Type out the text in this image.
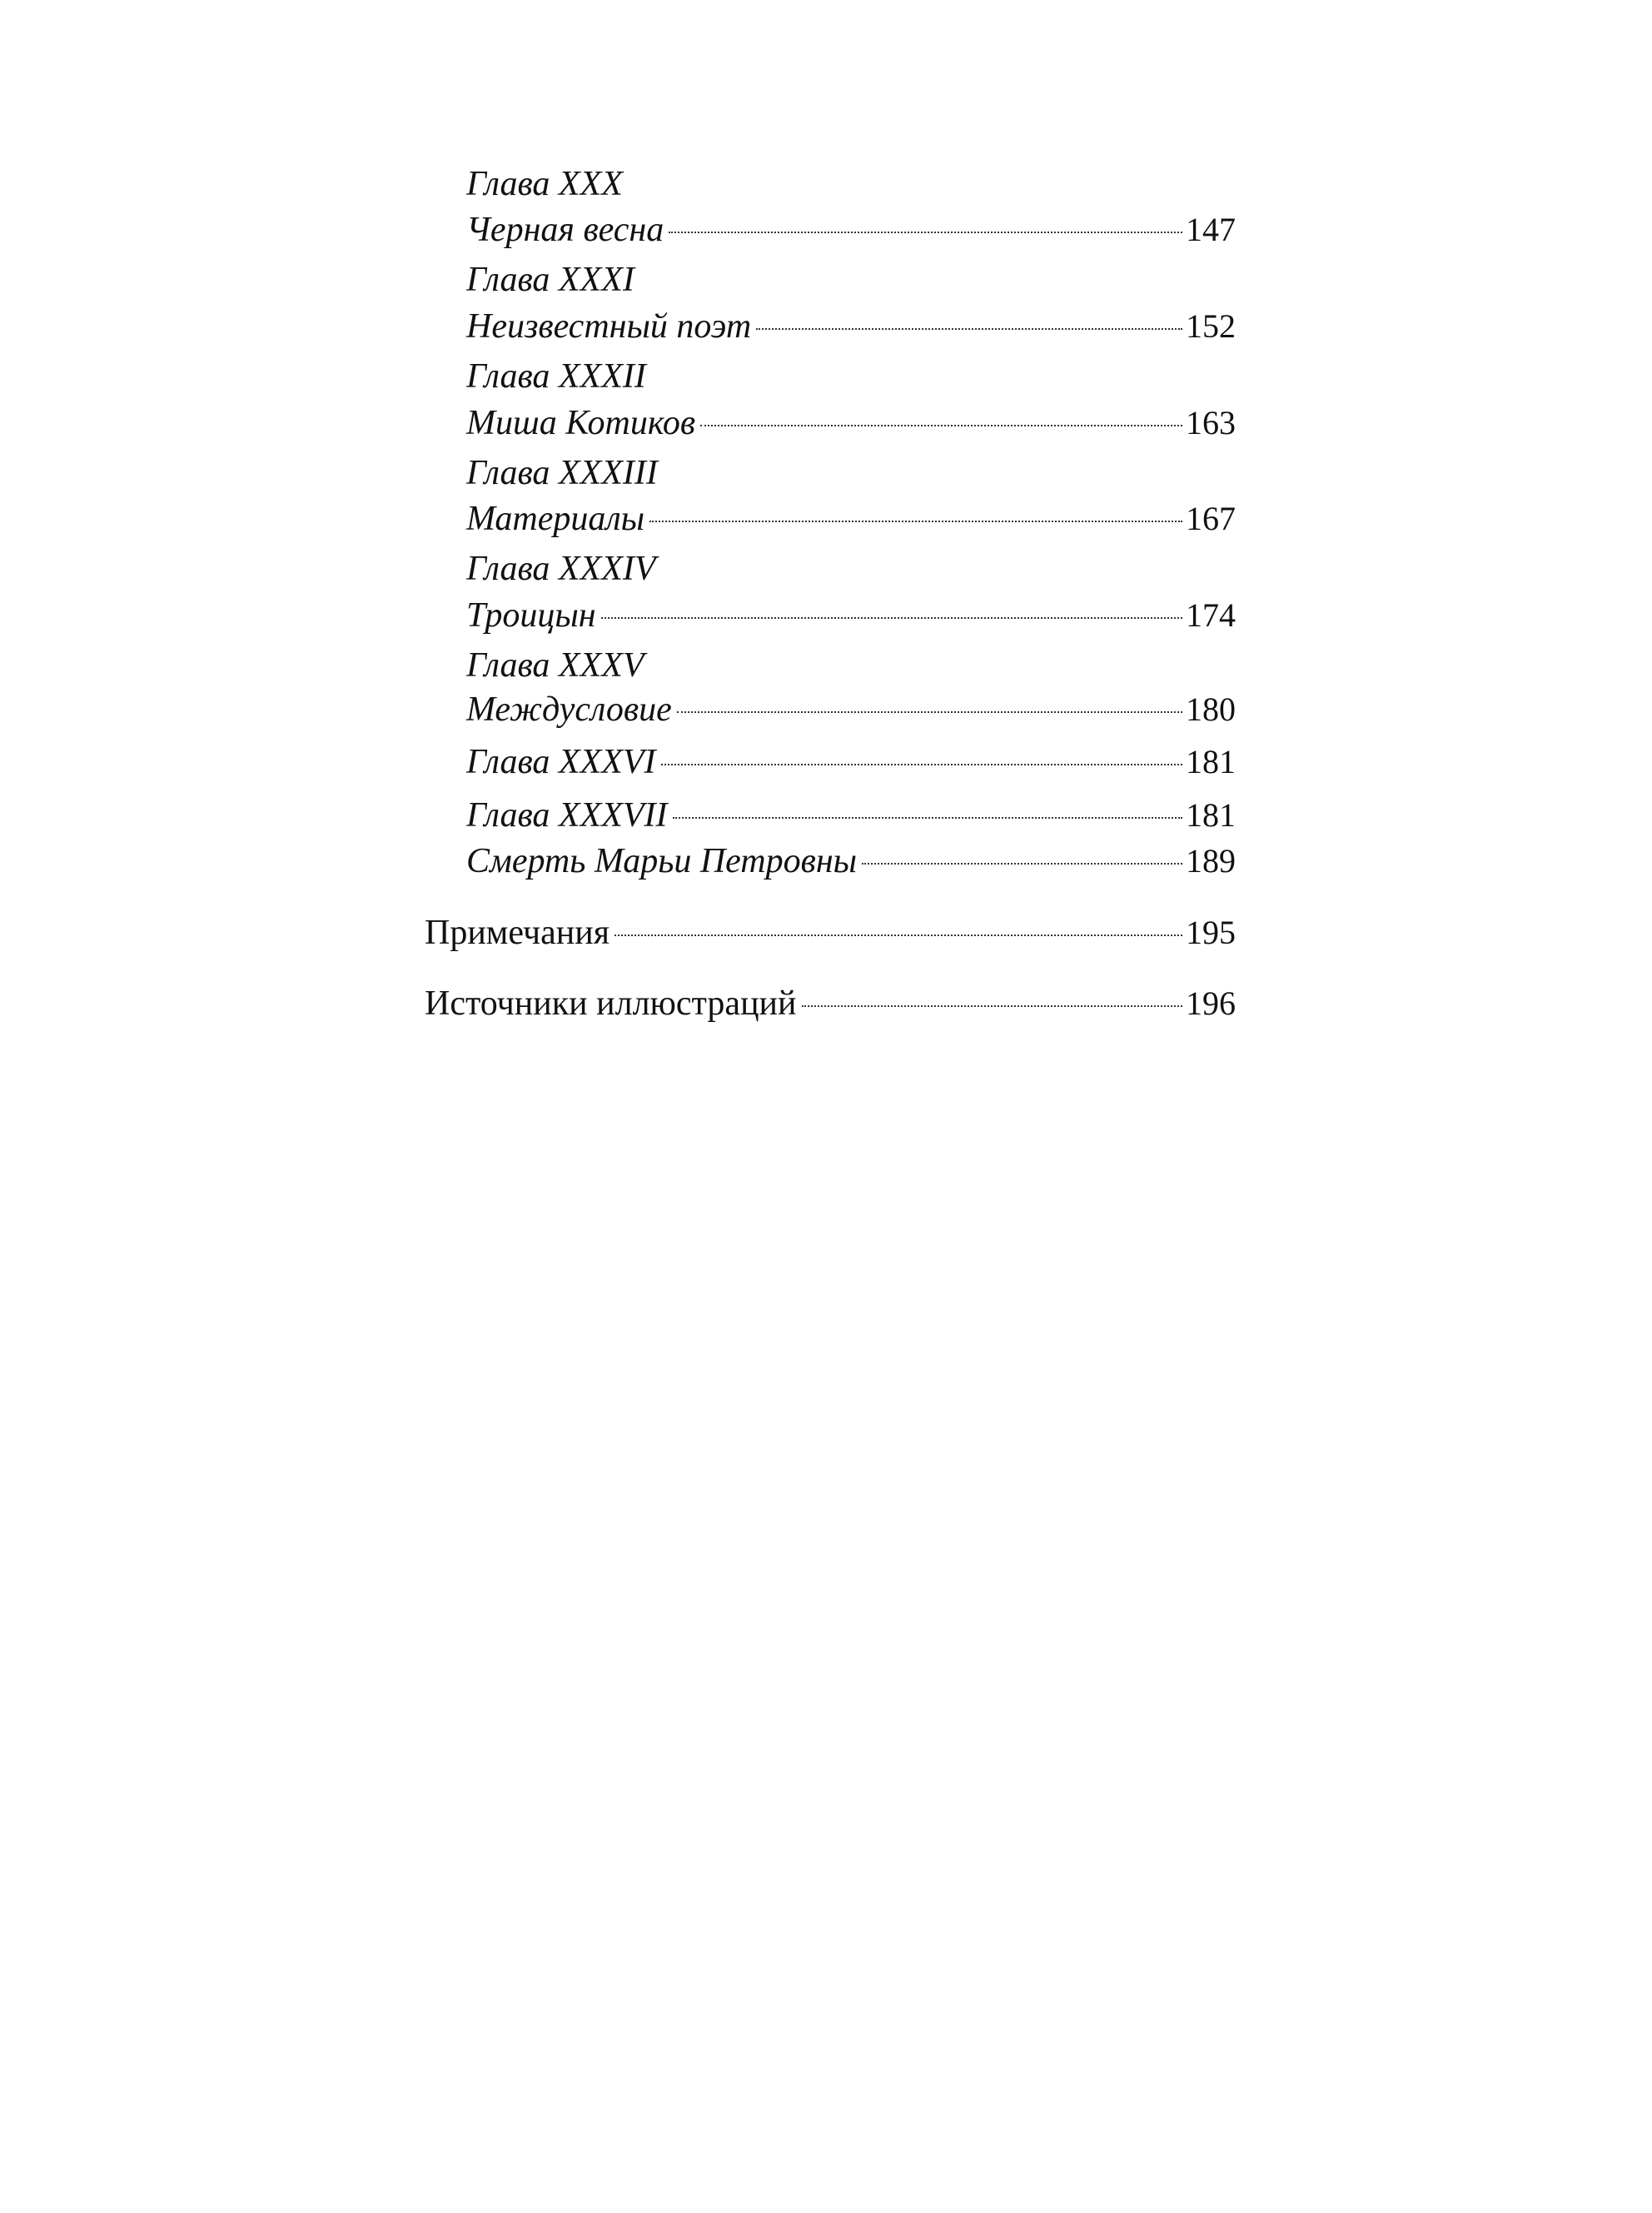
Глава XXX
Черная весна	147
Глава XXXI
Неизвестный поэт	152
Глава XXXII
Миша Котиков	163
Глава XXXIII
Материалы	167
Глава XXXIV
Троицын	174
Глава XXXV
Междусловие	180
Глава XXXVI	181
Глава XXXVII	181
Смерть Марьи Петровны	189
Примечания	195
Источники иллюстраций	196
